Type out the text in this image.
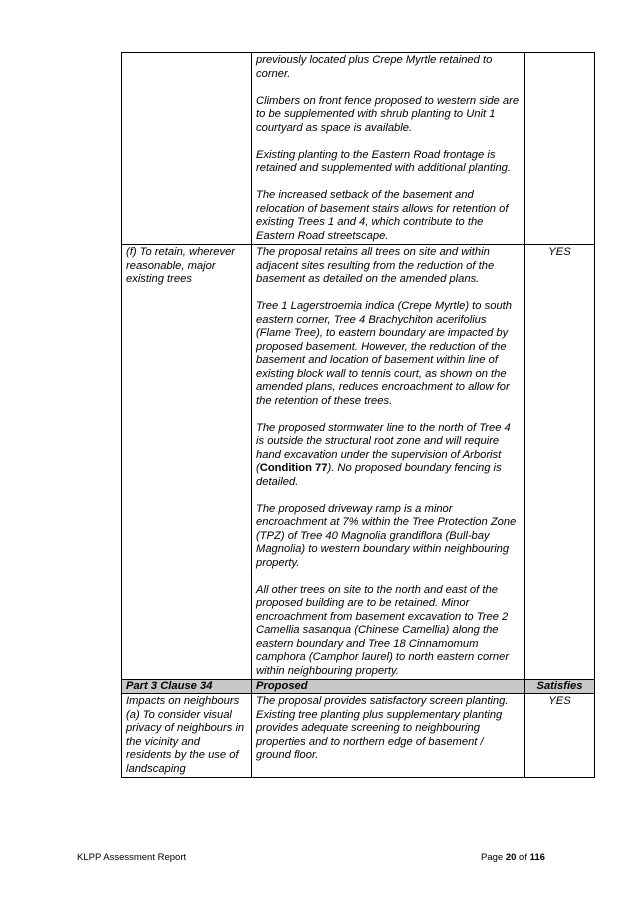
	previously located plus Crepe Myrtle retained to corner.

Climbers on front fence proposed to western side are to be supplemented with shrub planting to Unit 1 courtyard as space is available.

Existing planting to the Eastern Road frontage is retained and supplemented with additional planting.

The increased setback of the basement and relocation of basement stairs allows for retention of existing Trees 1 and 4, which contribute to the Eastern Road streetscape.	

(f) To retain, wherever reasonable, major existing trees	The proposal retains all trees on site and within adjacent sites resulting from the reduction of the basement as detailed on the amended plans.

Tree 1 Lagerstroemia indica (Crepe Myrtle) to south eastern corner, Tree 4 Brachychiton acerifolius (Flame Tree), to eastern boundary are impacted by proposed basement. However, the reduction of the basement and location of basement within line of existing block wall to tennis court, as shown on the amended plans, reduces encroachment to allow for the retention of these trees.

The proposed stormwater line to the north of Tree 4 is outside the structural root zone and will require hand excavation under the supervision of Arborist (Condition 77). No proposed boundary fencing is detailed.

The proposed driveway ramp is a minor encroachment at 7% within the Tree Protection Zone (TPZ) of Tree 40 Magnolia grandiflora (Bull-bay Magnolia) to western boundary within neighbouring property.

All other trees on site to the north and east of the proposed building are to be retained. Minor encroachment from basement excavation to Tree 2 Camellia sasanqua (Chinese Camellia) along the eastern boundary and Tree 18 Cinnamomum camphora (Camphor laurel) to north eastern corner within neighbouring property.	YES
Part 3 Clause 34	Proposed	Satisfies
Impacts on neighbours
(a) To consider visual privacy of neighbours in the vicinity and residents by the use of landscaping	The proposal provides satisfactory screen planting. Existing tree planting plus supplementary planting provides adequate screening to neighbouring properties and to northern edge of basement / ground floor.	YES
KLPP Assessment Report	Page 20 of 116
